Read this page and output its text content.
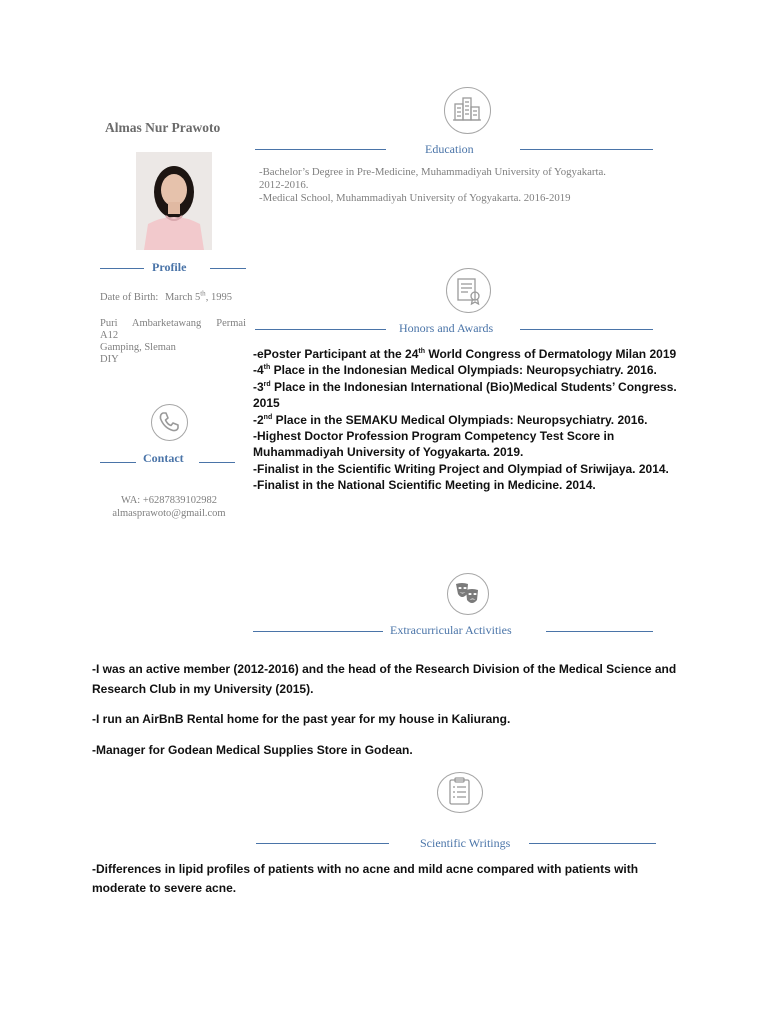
Almas Nur Prawoto
Profile
Date of Birth: March 5th, 1995
Puri Ambarketawang Permai
A12
Gamping, Sleman
DIY
Contact
WA: +6287839102982
almasprawoto@gmail.com
Education
-Bachelor’s Degree in Pre-Medicine, Muhammadiyah University of Yogyakarta.
2012-2016.
-Medical School, Muhammadiyah University of Yogyakarta. 2016-2019
Honors and Awards

-ePoster Participant at the 24th World Congress of Dermatology Milan 2019

-4th Place in the Indonesian Medical Olympiads: Neuropsychiatry. 2016.

-3rd Place in the Indonesian International (Bio)Medical Students’ Congress. 2015

-2nd Place in the SEMAKU Medical Olympiads: Neuropsychiatry. 2016.

-Highest Doctor Profession Program Competency Test Score in Muhammadiyah University of Yogyakarta. 2019.

-Finalist in the Scientific Writing Project and Olympiad of Sriwijaya. 2014.

-Finalist in the National Scientific Meeting in Medicine. 2014.

Extracurricular Activities

-I was an active member (2012-2016) and the head of the Research Division of the Medical Science and Research Club in my University (2015).

-I run an AirBnB Rental home for the past year for my house in Kaliurang.

-Manager for Godean Medical Supplies Store in Godean.

Scientific Writings

-Differences in lipid profiles of patients with no acne and mild acne compared with patients with moderate to severe acne.
